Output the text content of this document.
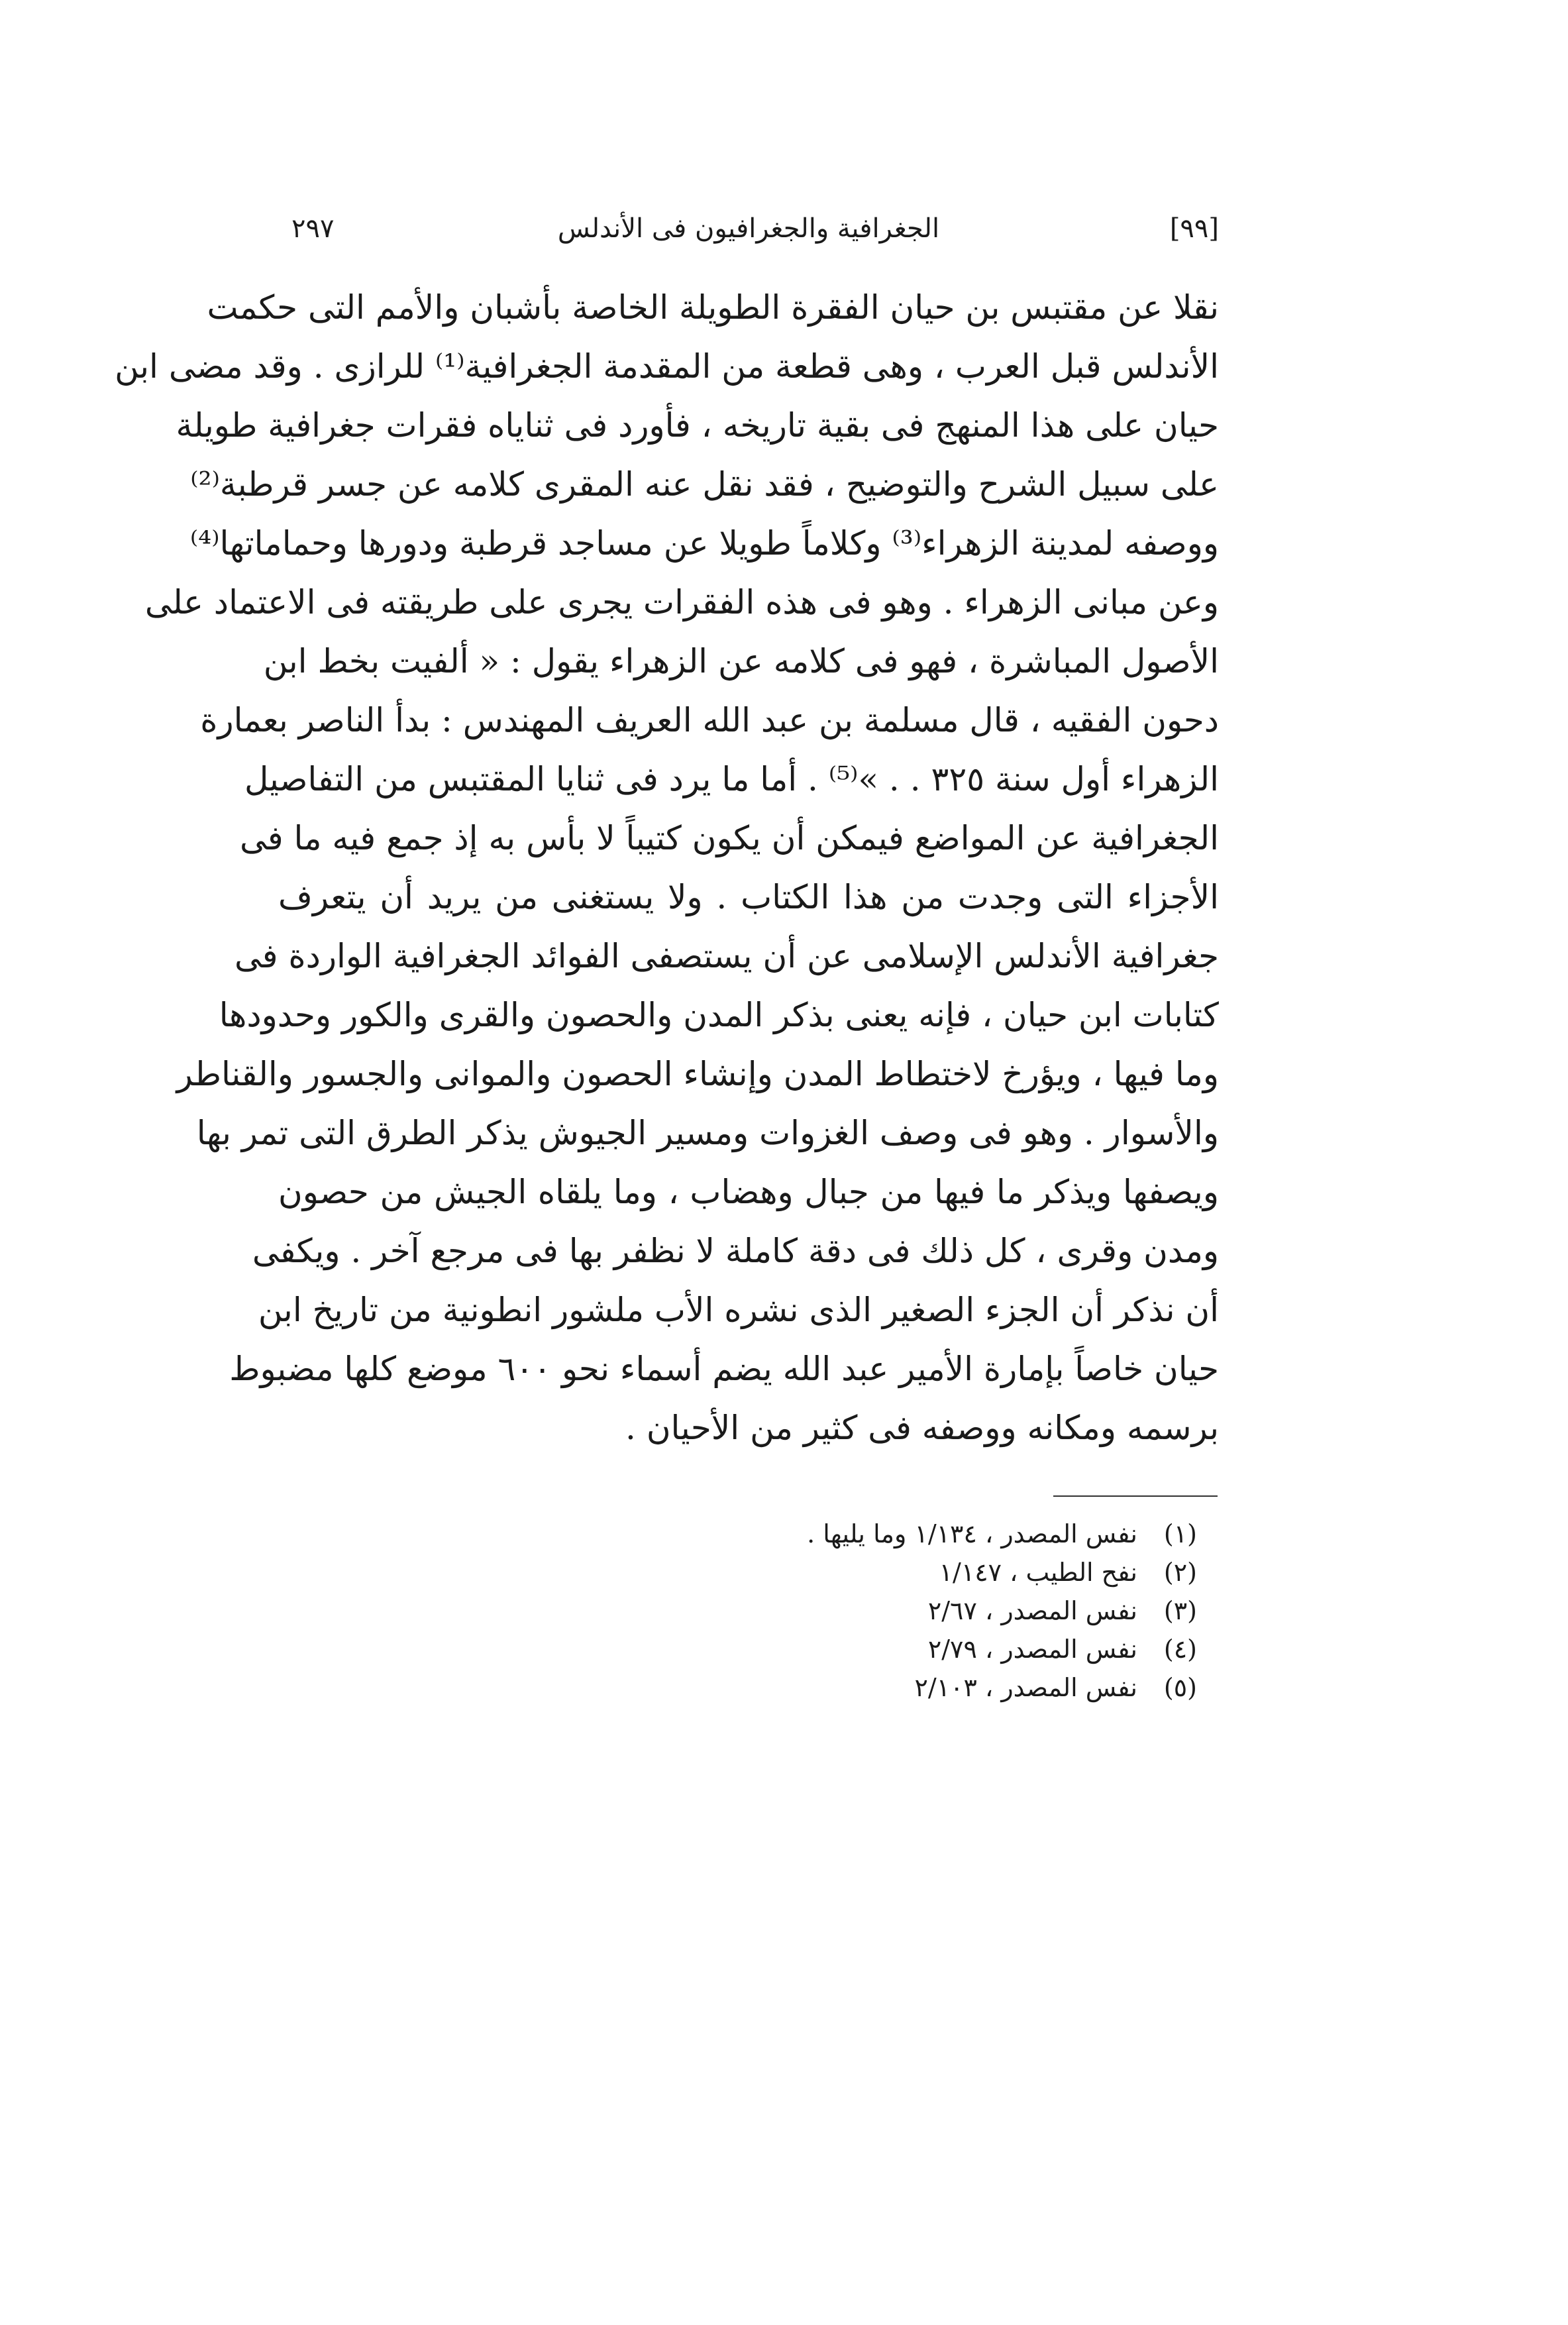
[٩٩]
الجغرافية والجغرافيون فى الأندلس
٢٩٧
نقلا عن مقتبس بن حيان الفقرة الطويلة الخاصة بأشبان والأمم التى حكمت
الأندلس قبل العرب ، وهى قطعة من المقدمة الجغرافية⁽¹⁾ للرازى . وقد مضى ابن
حيان على هذا المنهج فى بقية تاريخه ، فأورد فى ثناياه فقرات جغرافية طويلة
على سبيل الشرح والتوضيح ، فقد نقل عنه المقرى كلامه عن جسر قرطبة⁽²⁾
ووصفه لمدينة الزهراء⁽³⁾ وكلاماً طويلا عن مساجد قرطبة ودورها وحماماتها⁽⁴⁾
وعن مبانى الزهراء . وهو فى هذه الفقرات يجرى على طريقته فى الاعتماد على
الأصول المباشرة ، فهو فى كلامه عن الزهراء يقول : « ألفيت بخط ابن
دحون الفقيه ، قال مسلمة بن عبد الله العريف المهندس : بدأ الناصر بعمارة
الزهراء أول سنة ٣٢٥ . . »⁽⁵⁾ . أما ما يرد فى ثنايا المقتبس من التفاصيل
الجغرافية عن المواضع فيمكن أن يكون كتيباً لا بأس به إذ جمع فيه ما فى
الأجزاء التى وجدت من هذا الكتاب . ولا يستغنى من يريد أن يتعرف
جغرافية الأندلس الإسلامى عن أن يستصفى الفوائد الجغرافية الواردة فى
كتابات ابن حيان ، فإنه يعنى بذكر المدن والحصون والقرى والكور وحدودها
وما فيها ، ويؤرخ لاختطاط المدن وإنشاء الحصون والموانى والجسور والقناطر
والأسوار . وهو فى وصف الغزوات ومسير الجيوش يذكر الطرق التى تمر بها
ويصفها ويذكر ما فيها من جبال وهضاب ، وما يلقاه الجيش من حصون
ومدن وقرى ، كل ذلك فى دقة كاملة لا نظفر بها فى مرجع آخر . ويكفى
أن نذكر أن الجزء الصغير الذى نشره الأب ملشور انطونية من تاريخ ابن
حيان خاصاً بإمارة الأمير عبد الله يضم أسماء نحو ٦٠٠ موضع كلها مضبوط
برسمه ومكانه ووصفه فى كثير من الأحيان .
(١)نفس المصدر ، ١/١٣٤ وما يليها .
(٢)نفح الطيب ، ١/١٤٧
(٣)نفس المصدر ، ٢/٦٧
(٤)نفس المصدر ، ٢/٧٩
(٥)نفس المصدر ، ٢/١٠٣
